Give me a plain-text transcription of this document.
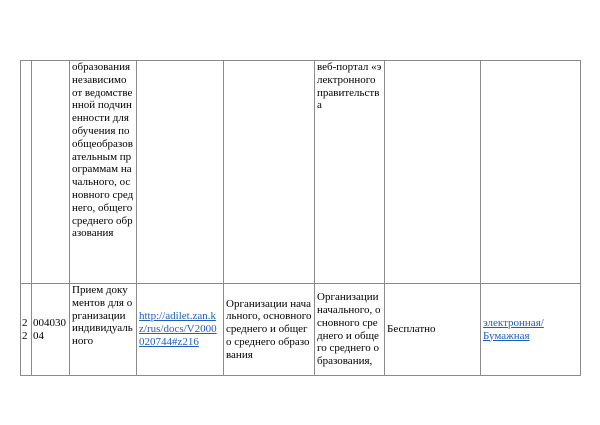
		образования независимо от ведомственной подчиненности для обучения по общеобразовательным программам начального, основного среднего, общего среднего образования			веб-портал «электронного правительства		
22	00403004	Прием документов для организации индивидуального	http://adilet.zan.kz/rus/docs/V2000020744#z216	Организации начального, основного среднего и общего среднего образования	Организации начального, основного среднего и общего среднего образования,	Бесплатно	электронная/
Бумажная
